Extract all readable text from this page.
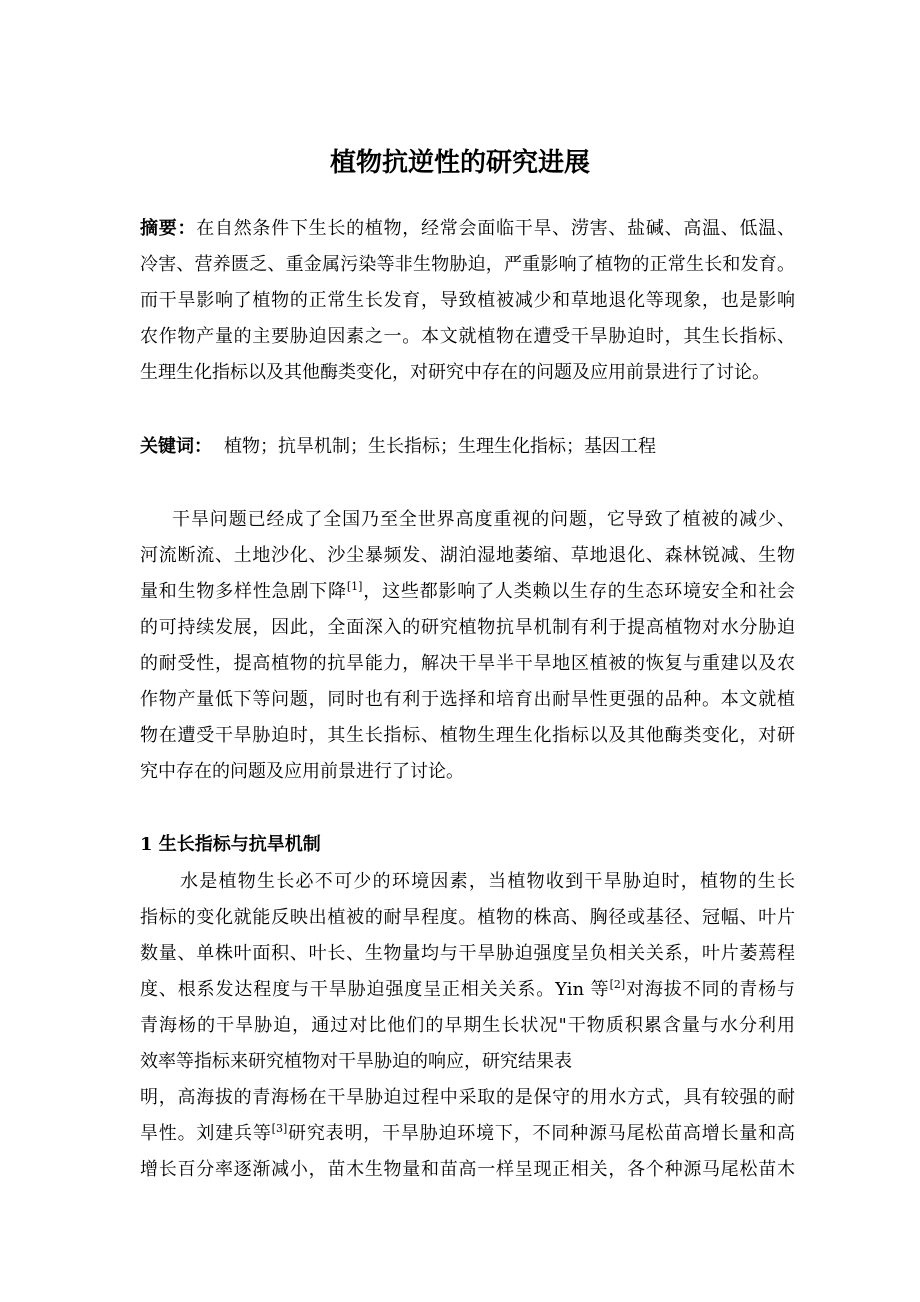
植物抗逆性的研究进展
摘要：在自然条件下生长的植物，经常会面临干旱、涝害、盐碱、高温、低温、
冷害、营养匮乏、重金属污染等非生物胁迫，严重影响了植物的正常生长和发育。
而干旱影响了植物的正常生长发育，导致植被减少和草地退化等现象，也是影响
农作物产量的主要胁迫因素之一。本文就植物在遭受干旱胁迫时，其生长指标、
生理生化指标以及其他酶类变化，对研究中存在的问题及应用前景进行了讨论。
关键词： 植物；抗旱机制；生长指标；生理生化指标；基因工程
干旱问题已经成了全国乃至全世界高度重视的问题，它导致了植被的减少、
河流断流、土地沙化、沙尘暴频发、湖泊湿地萎缩、草地退化、森林锐减、生物
量和生物多样性急剧下降[1]，这些都影响了人类赖以生存的生态环境安全和社会
的可持续发展，因此，全面深入的研究植物抗旱机制有利于提高植物对水分胁迫
的耐受性，提高植物的抗旱能力，解决干旱半干旱地区植被的恢复与重建以及农
作物产量低下等问题，同时也有利于选择和培育出耐旱性更强的品种。本文就植
物在遭受干旱胁迫时，其生长指标、植物生理生化指标以及其他酶类变化，对研
究中存在的问题及应用前景进行了讨论。
1 生长指标与抗旱机制
水是植物生长必不可少的环境因素，当植物收到干旱胁迫时，植物的生长
指标的变化就能反映出植被的耐旱程度。植物的株高、胸径或基径、冠幅、叶片
数量、单株叶面积、叶长、生物量均与干旱胁迫强度呈负相关关系，叶片萎蔫程
度、根系发达程度与干旱胁迫强度呈正相关关系。Yin 等[2]对海拔不同的青杨与
青海杨的干旱胁迫，通过对比他们的早期生长状况"干物质积累含量与水分利用
效率等指标来研究植物对干旱胁迫的响应，研究结果表
明，高海拔的青海杨在干旱胁迫过程中采取的是保守的用水方式，具有较强的耐
旱性。刘建兵等[3]研究表明，干旱胁迫环境下，不同种源马尾松苗高增长量和高
增长百分率逐渐减小，苗木生物量和苗高一样呈现正相关，各个种源马尾松苗木
